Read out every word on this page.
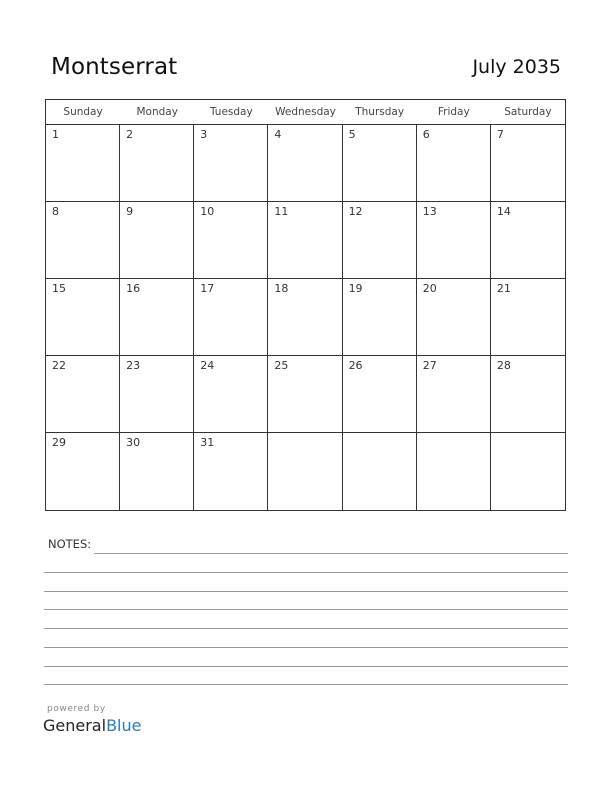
Montserrat	July 2035
Sunday	Monday	Tuesday	Wednesday	Thursday	Friday	Saturday
1	2	3	4	5	6	7
8	9	10	11	12	13	14
15	16	17	18	19	20	21
22	23	24	25	26	27	28
29	30	31
NOTES:
powered by
GeneralBlue
